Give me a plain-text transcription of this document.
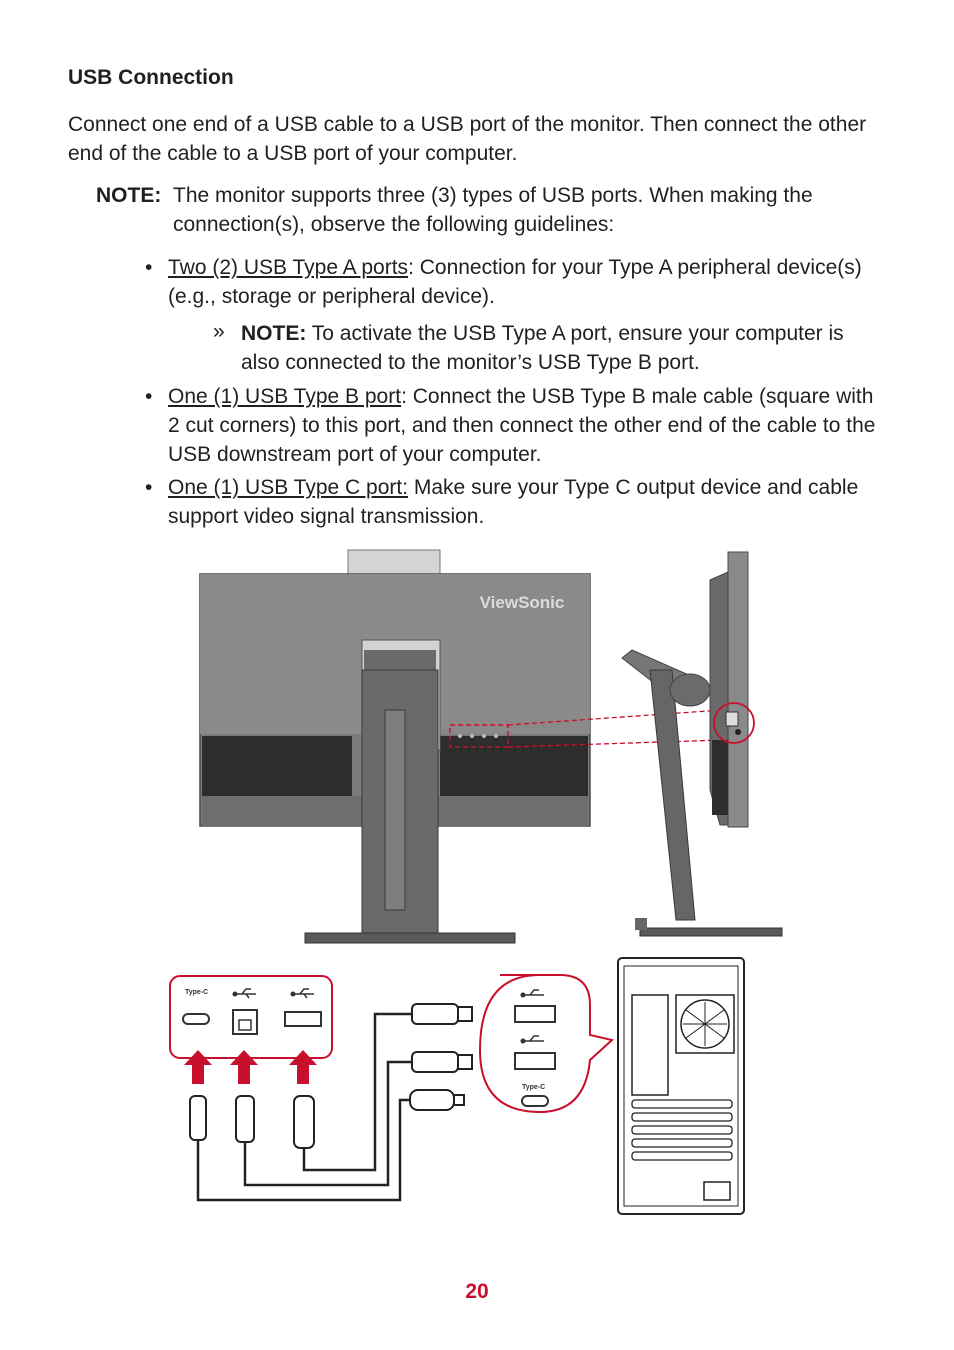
USB Connection

Connect one end of a USB cable to a USB port of the monitor. Then connect the other end of the cable to a USB port of your computer.

NOTE: The monitor supports three (3) types of USB ports. When making the connection(s), observe the following guidelines:
• Two (2) USB Type A ports: Connection for your Type A peripheral device(s) (e.g., storage or peripheral device).
» NOTE: To activate the USB Type A port, ensure your computer is also connected to the monitor’s USB Type B port.
• One (1) USB Type B port: Connect the USB Type B male cable (square with 2 cut corners) to this port, and then connect the other end of the cable to the USB downstream port of your computer.
• One (1) USB Type C port: Make sure your Type C output device and cable support video signal transmission.
ViewSonic
Type-C
Type-C
20
